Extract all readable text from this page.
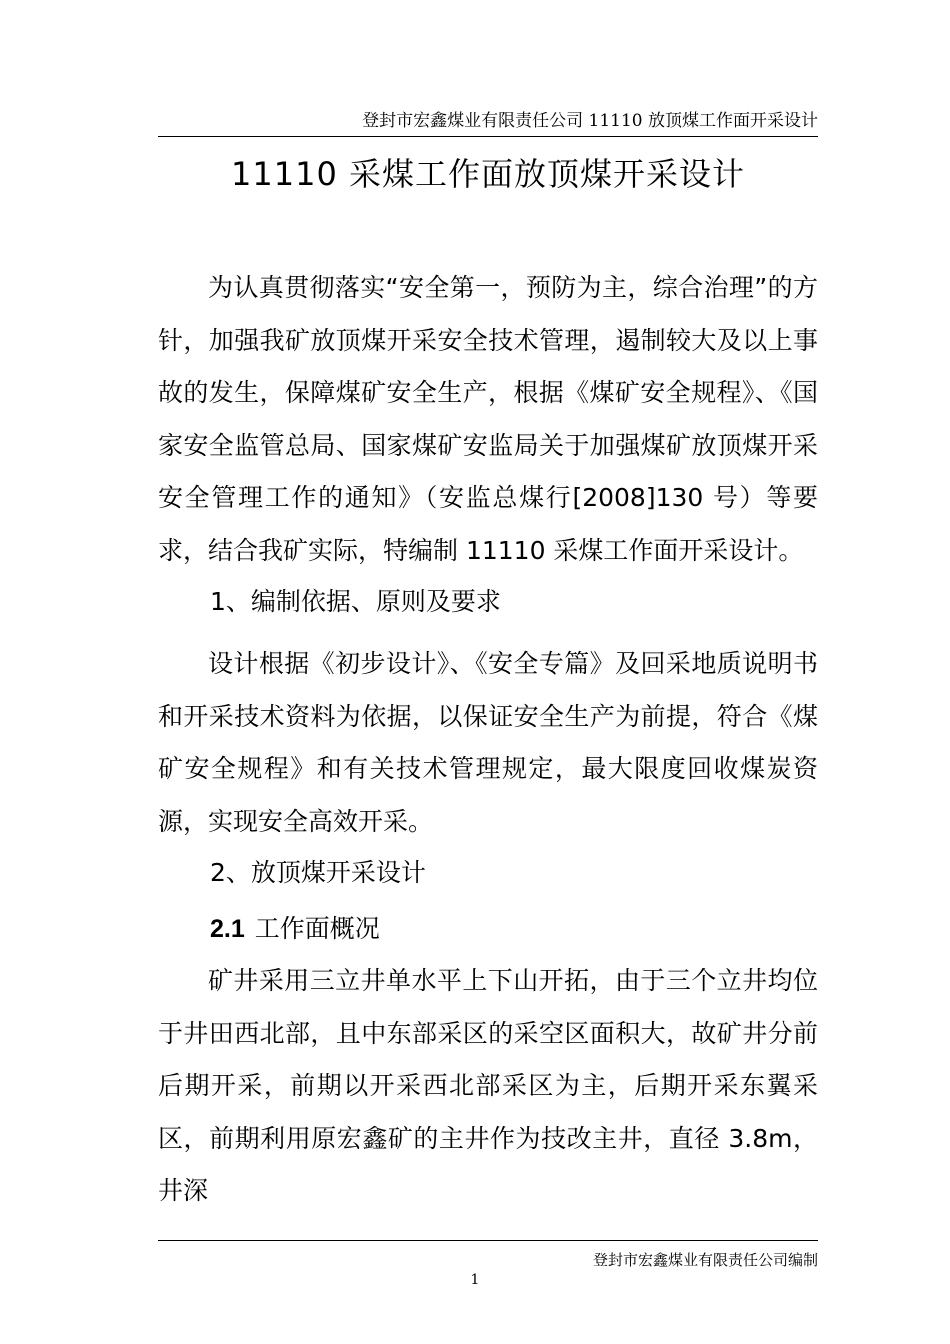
登封市宏鑫煤业有限责任公司 11110 放顶煤工作面开采设计
11110 采煤工作面放顶煤开采设计

为认真贯彻落实“安全第一，预防为主，综合治理”的方针，加强我矿放顶煤开采安全技术管理，遏制较大及以上事故的发生，保障煤矿安全生产，根据《煤矿安全规程》、《国家安全监管总局、国家煤矿安监局关于加强煤矿放顶煤开采安全管理工作的通知》（安监总煤行[2008]130 号）等要求，结合我矿实际，特编制 11110 采煤工作面开采设计。

1、编制依据、原则及要求

设计根据《初步设计》、《安全专篇》及回采地质说明书和开采技术资料为依据，以保证安全生产为前提，符合《煤矿安全规程》和有关技术管理规定，最大限度回收煤炭资源，实现安全高效开采。

2、放顶煤开采设计
2.1 工作面概况

矿井采用三立井单水平上下山开拓，由于三个立井均位于井田西北部，且中东部采区的采空区面积大，故矿井分前后期开采，前期以开采西北部采区为主，后期开采东翼采区，前期利用原宏鑫矿的主井作为技改主井，直径 3.8m，井深

登封市宏鑫煤业有限责任公司编制
1
